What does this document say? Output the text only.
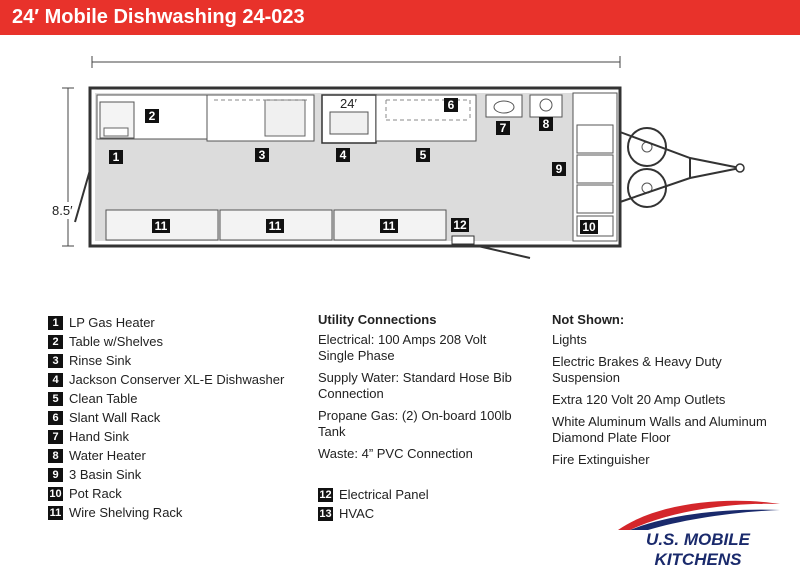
24′ Mobile Dishwashing 24-023
24′
8.5′
1
2
3	4	5
6
7	8
9
10
11	11	11	12
1 LP Gas Heater
2 Table w/Shelves
3 Rinse Sink
4 Jackson Conserver XL-E Dishwasher
5 Clean Table
6 Slant Wall Rack
7 Hand Sink
8 Water Heater
9 3 Basin Sink
10 Pot Rack
11 Wire Shelving Rack
Utility Connections

Electrical: 100 Amps 208 Volt Single Phase

Supply Water: Standard Hose Bib Connection

Propane Gas: (2) On-board 100lb Tank

Waste: 4” PVC Connection

12 Electrical Panel
13 HVAC
Not Shown:

Lights

Electric Brakes & Heavy Duty Suspension

Extra 120 Volt 20 Amp Outlets

White Aluminum Walls and Aluminum Diamond Plate Floor

Fire Extinguisher

U.S. MOBILE KITCHENS
